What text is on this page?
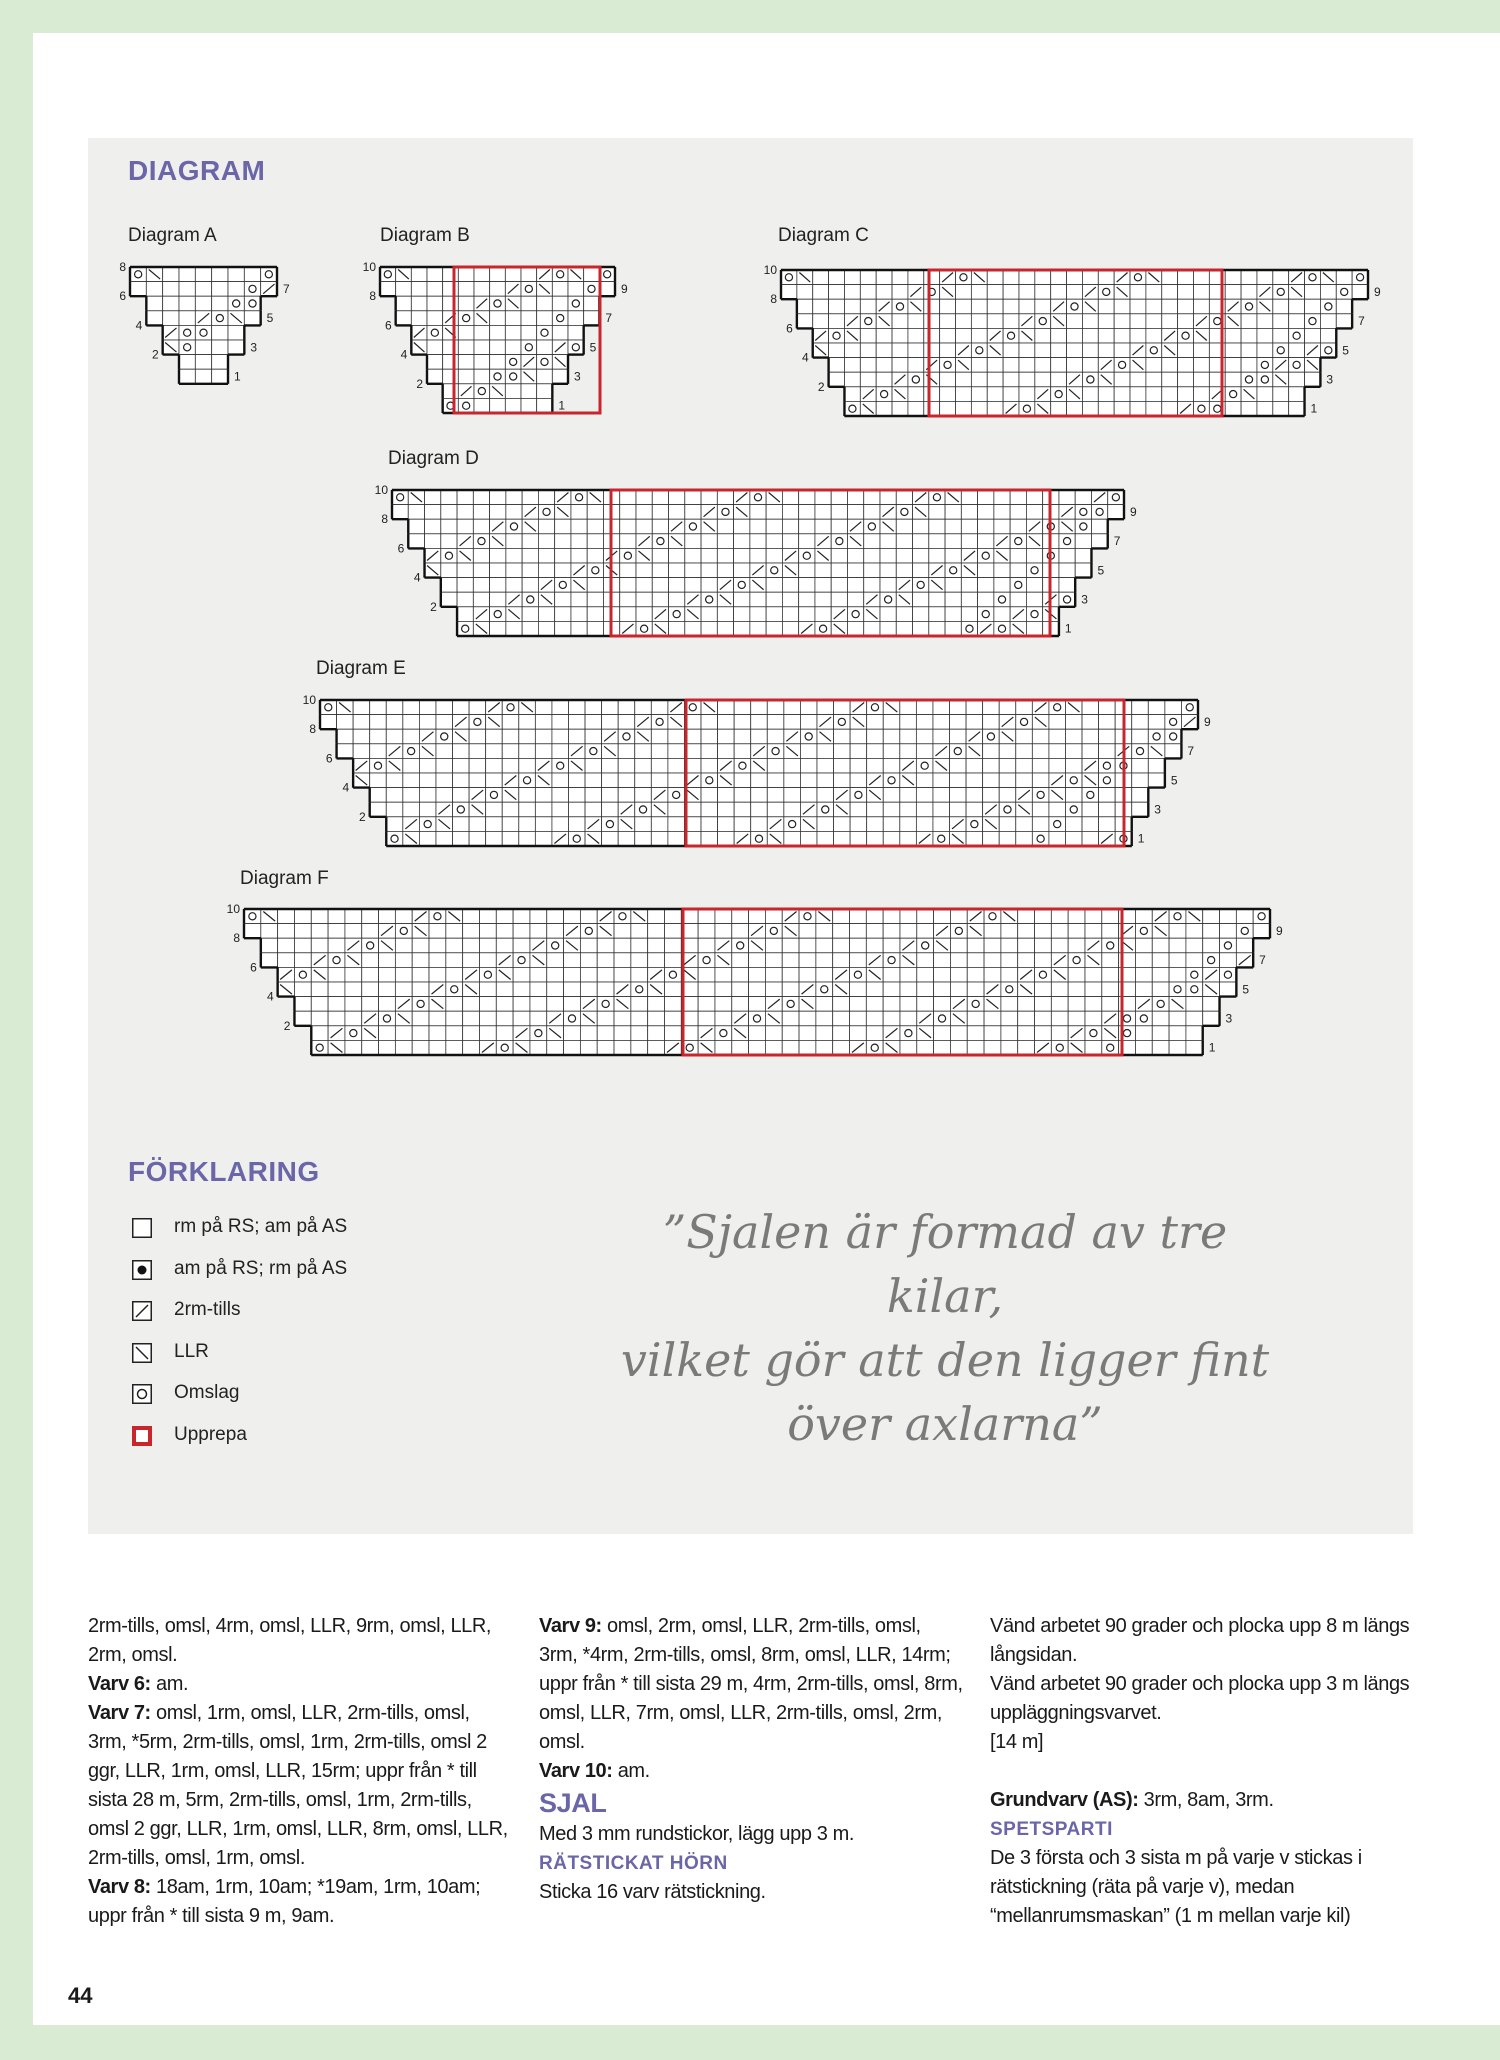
DIAGRAM
Diagram A	Diagram B	Diagram C
Diagram D
Diagram E
Diagram F
8
6
4
2
7
5
3
1
10
8
6
4
2
9
7
5
3
1
10
8
6
4
2
9
7
5
3
1
10
8
6
4
2
9
7
5
3
1
10
8
6
4
2
9
7
5
3
1
10
8
6
4
2
9
7
5
3
1
FÖRKLARING
rm på RS; am på AS
am på RS; rm på AS
2rm-tills
LLR
Omslag
Upprepa
”Sjalen är formad av tre kilar,
vilket gör att den ligger fint
över axlarna”

2rm-tills, omsl, 4rm, omsl, LLR, 9rm, omsl, LLR, 2rm, omsl.

Varv 6: am.

Varv 7: omsl, 1rm, omsl, LLR, 2rm-tills, omsl, 3rm, *5rm, 2rm-tills, omsl, 1rm, 2rm-tills, omsl 2 ggr, LLR, 1rm, omsl, LLR, 15rm; uppr från * till sista 28 m, 5rm, 2rm-tills, omsl, 1rm, 2rm-tills, omsl 2 ggr, LLR, 1rm, omsl, LLR, 8rm, omsl, LLR, 2rm-tills, omsl, 1rm, omsl.

Varv 8: 18am, 1rm, 10am; *19am, 1rm, 10am; uppr från * till sista 9 m, 9am.

Varv 9: omsl, 2rm, omsl, LLR, 2rm-tills, omsl, 3rm, *4rm, 2rm-tills, omsl, 8rm, omsl, LLR, 14rm; uppr från * till sista 29 m, 4rm, 2rm-tills, omsl, 8rm, omsl, LLR, 7rm, omsl, LLR, 2rm-tills, omsl, 2rm, omsl.

Varv 10: am.

SJAL

Med 3 mm rundstickor, lägg upp 3 m.

RÄTSTICKAT HÖRN

Sticka 16 varv rätstickning.

Vänd arbetet 90 grader och plocka upp 8 m längs långsidan.

Vänd arbetet 90 grader och plocka upp 3 m längs uppläggningsvarvet.

[14 m]

Grundvarv (AS): 3rm, 8am, 3rm.

SPETSPARTI

De 3 första och 3 sista m på varje v stickas i rätstickning (räta på varje v), medan “mellanrumsmaskan” (1 m mellan varje kil)

44
